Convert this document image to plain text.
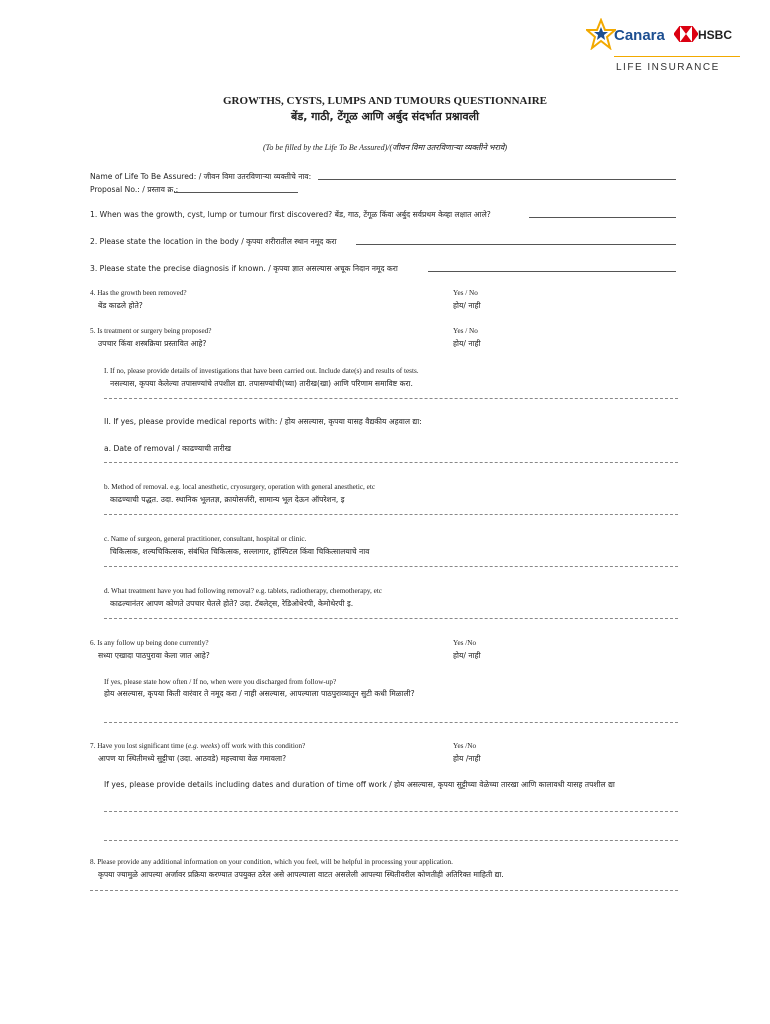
Canara	HSBC
LIFE INSURANCE
GROWTHS, CYSTS, LUMPS AND TUMOURS QUESTIONNAIRE
बेंड, गाठी, टेंगूळ आणि अर्बुद संदर्भात प्रश्नावली
(To be filled by the Life To Be Assured)/(जीवन विमा उतरविणाऱ्या व्यक्तीने भरावे)
Name of Life To Be Assured: / जीवन विमा उतरविणाऱ्या व्यक्तीचे नाव:
Proposal No.: / प्रस्ताव क्र.:
1. When was the growth, cyst, lump or tumour first discovered? बेंड, गाठ, टेंगूळ किंवा अर्बुद सर्वप्रथम केव्हा लक्षात आले?
2. Please state the location in the body / कृपया शरीरातील स्थान नमूद करा
3. Please state the precise diagnosis if known. / कृपया ज्ञात असल्यास अचूक निदान नमूद करा
4. Has the growth been removed?
बेंड काढले होते?
Yes / No
होय/ नाही
5. Is treatment or surgery being proposed?
उपचार किंवा शस्त्रक्रिया प्रस्तावित आहे?
Yes / No
होय/ नाही
I. If no, please provide details of investigations that have been carried out. Include date(s) and results of tests.
नसल्यास, कृपया केलेल्या तपासण्यांचे तपशील द्या. तपासण्यांची(च्या) तारीख(खा) आणि परिणाम समाविष्ट करा.
II. If yes, please provide medical reports with: / होय असल्यास, कृपया यासह वैद्यकीय अहवाल द्या:
a. Date of removal / काढण्याची तारीख
b. Method of removal. e.g. local anesthetic, cryosurgery, operation with general anesthetic, etc
काढण्याची पद्धत. उदा. स्थानिक भूलतज्ञ, क्रायोसर्जरी, सामान्य भूल देऊन ऑपरेशन, इ
c. Name of surgeon, general practitioner, consultant, hospital or clinic.
चिकित्सक, शल्यचिकित्सक, संबंधित चिकित्सक, सल्लागार, हॉस्पिटल किंवा चिकित्सालयाचे नाव
d. What treatment have you had following removal? e.g. tablets, radiotherapy, chemotherapy, etc
काढल्यानंतर आपण कोणते उपचार घेतले होते? उदा. टॅबलेट्स, रेडिओथेरपी, केमोथेरपी इ.
6. Is any follow up being done currently?
सध्या एखादा पाठपुरावा केला जात आहे?
Yes /No
होय/ नाही
If yes, please state how often / If no, when were you discharged from follow-up?
होय असल्यास, कृपया किती वारंवार ते नमूद करा / नाही असल्यास, आपल्याला पाठपुराव्यातून सुटी कधी मिळाली?
7. Have you lost significant time (e.g. weeks) off work with this condition?
आपण या स्थितीमध्ये सुट्टीचा (उदा. आठवडे) महत्त्वाचा वेळ गमावला?
Yes /No
होय /नाही
If yes, please provide details including dates and duration of time off work / होय असल्यास, कृपया सुट्टीच्या वेळेच्या तारखा आणि कालावधी यासह तपशील द्या
8. Please provide any additional information on your condition, which you feel, will be helpful in processing your application.
कृपया ज्यामुळे आपल्या अर्जावर प्रक्रिया करण्यात उपयुक्त ठरेल असे आपल्याला वाटत असलेली आपल्या स्थितीवरील कोणतीही अतिरिक्त माहिती द्या.
